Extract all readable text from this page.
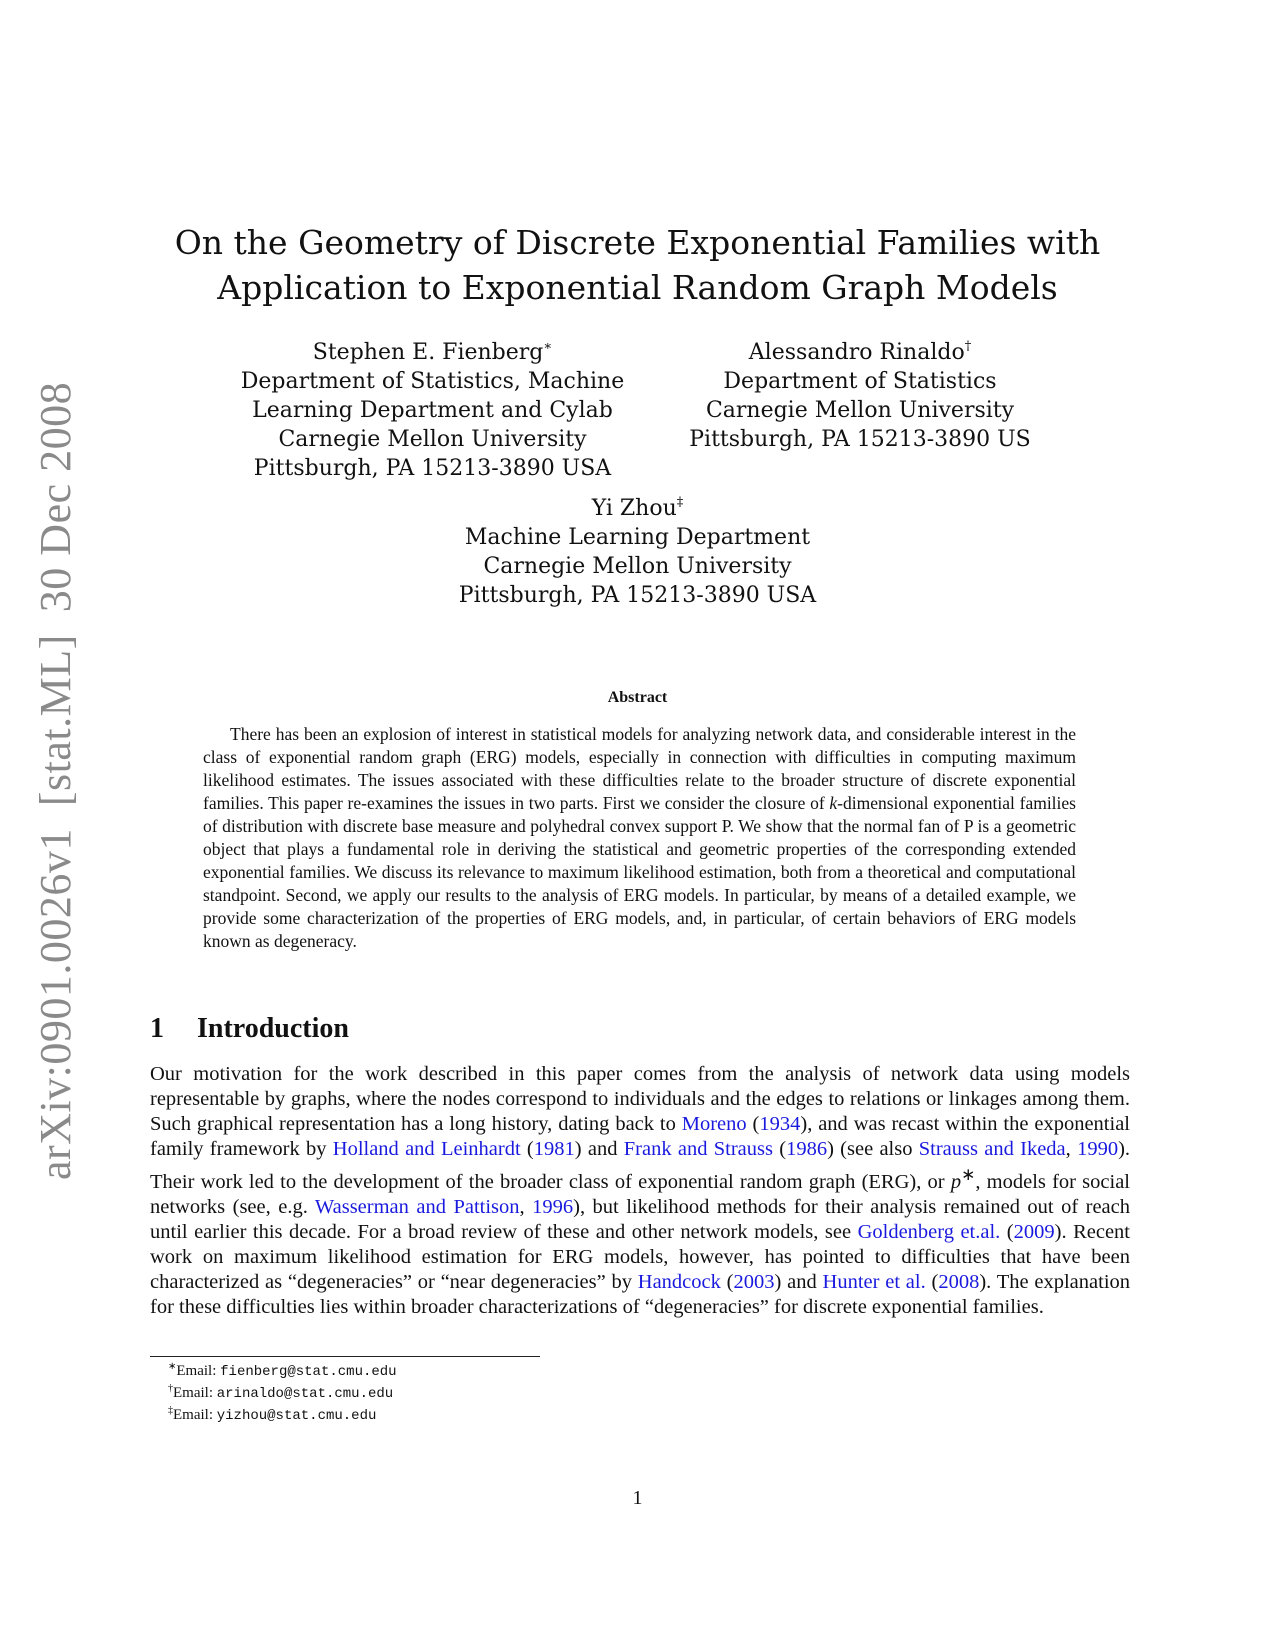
arXiv:0901.0026v1[stat.ML]30 Dec 2008
On the Geometry of Discrete Exponential Families with
Application to Exponential Random Graph Models
Stephen E. Fienberg∗
Department of Statistics, Machine
Learning Department and Cylab
Carnegie Mellon University
Pittsburgh, PA 15213-3890 USA
Alessandro Rinaldo†
Department of Statistics
Carnegie Mellon University
Pittsburgh, PA 15213-3890 US
Yi Zhou‡
Machine Learning Department
Carnegie Mellon University
Pittsburgh, PA 15213-3890 USA
Abstract

There has been an explosion of interest in statistical models for analyzing network data, and considerable interest in the class of exponential random graph (ERG) models, especially in connection with difficulties in computing maximum likelihood estimates. The issues associated with these difficulties relate to the broader structure of discrete exponential families. This paper re-examines the issues in two parts. First we consider the closure of k-dimensional exponential families of distribution with discrete base measure and polyhedral convex support P. We show that the normal fan of P is a geometric object that plays a fundamental role in deriving the statistical and geometric properties of the corresponding extended exponential families. We discuss its relevance to maximum likelihood estimation, both from a theoretical and computational standpoint. Second, we apply our results to the analysis of ERG models. In particular, by means of a detailed example, we provide some characterization of the properties of ERG models, and, in particular, of certain behaviors of ERG models known as degeneracy.

1 Introduction

Our motivation for the work described in this paper comes from the analysis of network data using models representable by graphs, where the nodes correspond to individuals and the edges to relations or linkages among them. Such graphical representation has a long history, dating back to Moreno (1934), and was recast within the exponential family framework by Holland and Leinhardt (1981) and Frank and Strauss (1986) (see also Strauss and Ikeda, 1990). Their work led to the development of the broader class of exponential random graph (ERG), or p∗, models for social networks (see, e.g. Wasserman and Pattison, 1996), but likelihood methods for their analysis remained out of reach until earlier this decade. For a broad review of these and other network models, see Goldenberg et.al. (2009). Recent work on maximum likelihood estimation for ERG models, however, has pointed to difficulties that have been characterized as “degeneracies” or “near degeneracies” by Handcock (2003) and Hunter et al. (2008). The explanation for these difficulties lies within broader characterizations of “degeneracies” for discrete exponential families.

∗Email: fienberg@stat.cmu.edu
†Email: arinaldo@stat.cmu.edu
‡Email: yizhou@stat.cmu.edu
1
